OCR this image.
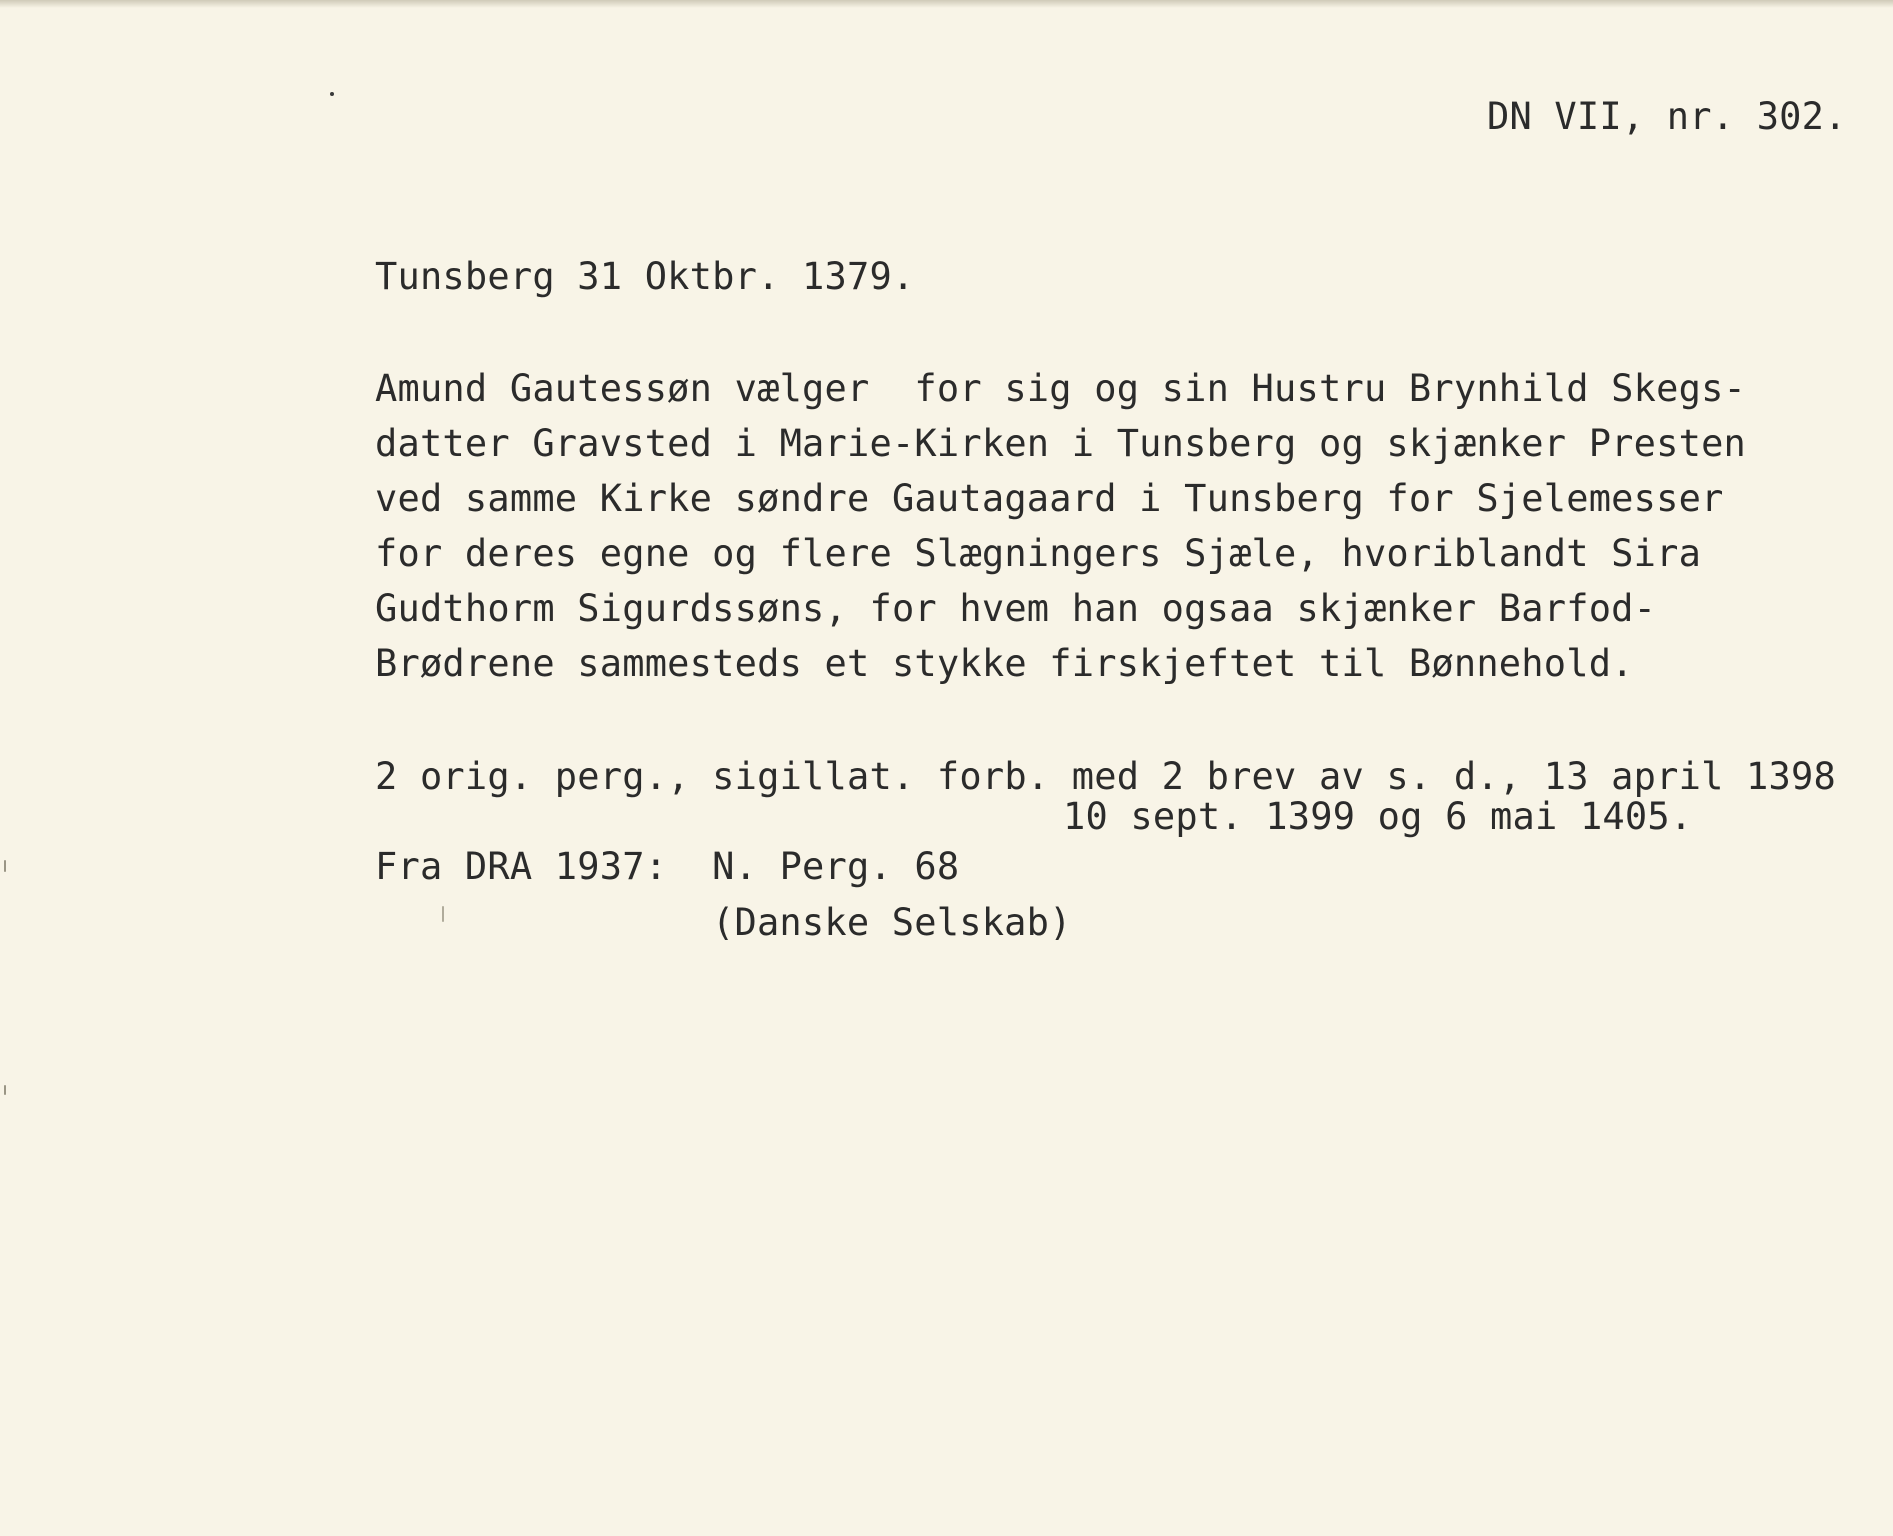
DN VII, nr. 302.
Tunsberg 31 Oktbr. 1379.
Amund Gautessøn vælger  for sig og sin Hustru Brynhild Skegs-
datter Gravsted i Marie-Kirken i Tunsberg og skjænker Presten
ved samme Kirke søndre Gautagaard i Tunsberg for Sjelemesser
for deres egne og flere Slægningers Sjæle, hvoriblandt Sira
Gudthorm Sigurdssøns, for hvem han ogsaa skjænker Barfod-
Brødrene sammesteds et stykke firskjeftet til Bønnehold.
2 orig. perg., sigillat. forb. med 2 brev av s. d., 13 april 1398
10 sept. 1399 og 6 mai 1405.
Fra DRA 1937: N. Perg. 68
(Danske Selskab)
